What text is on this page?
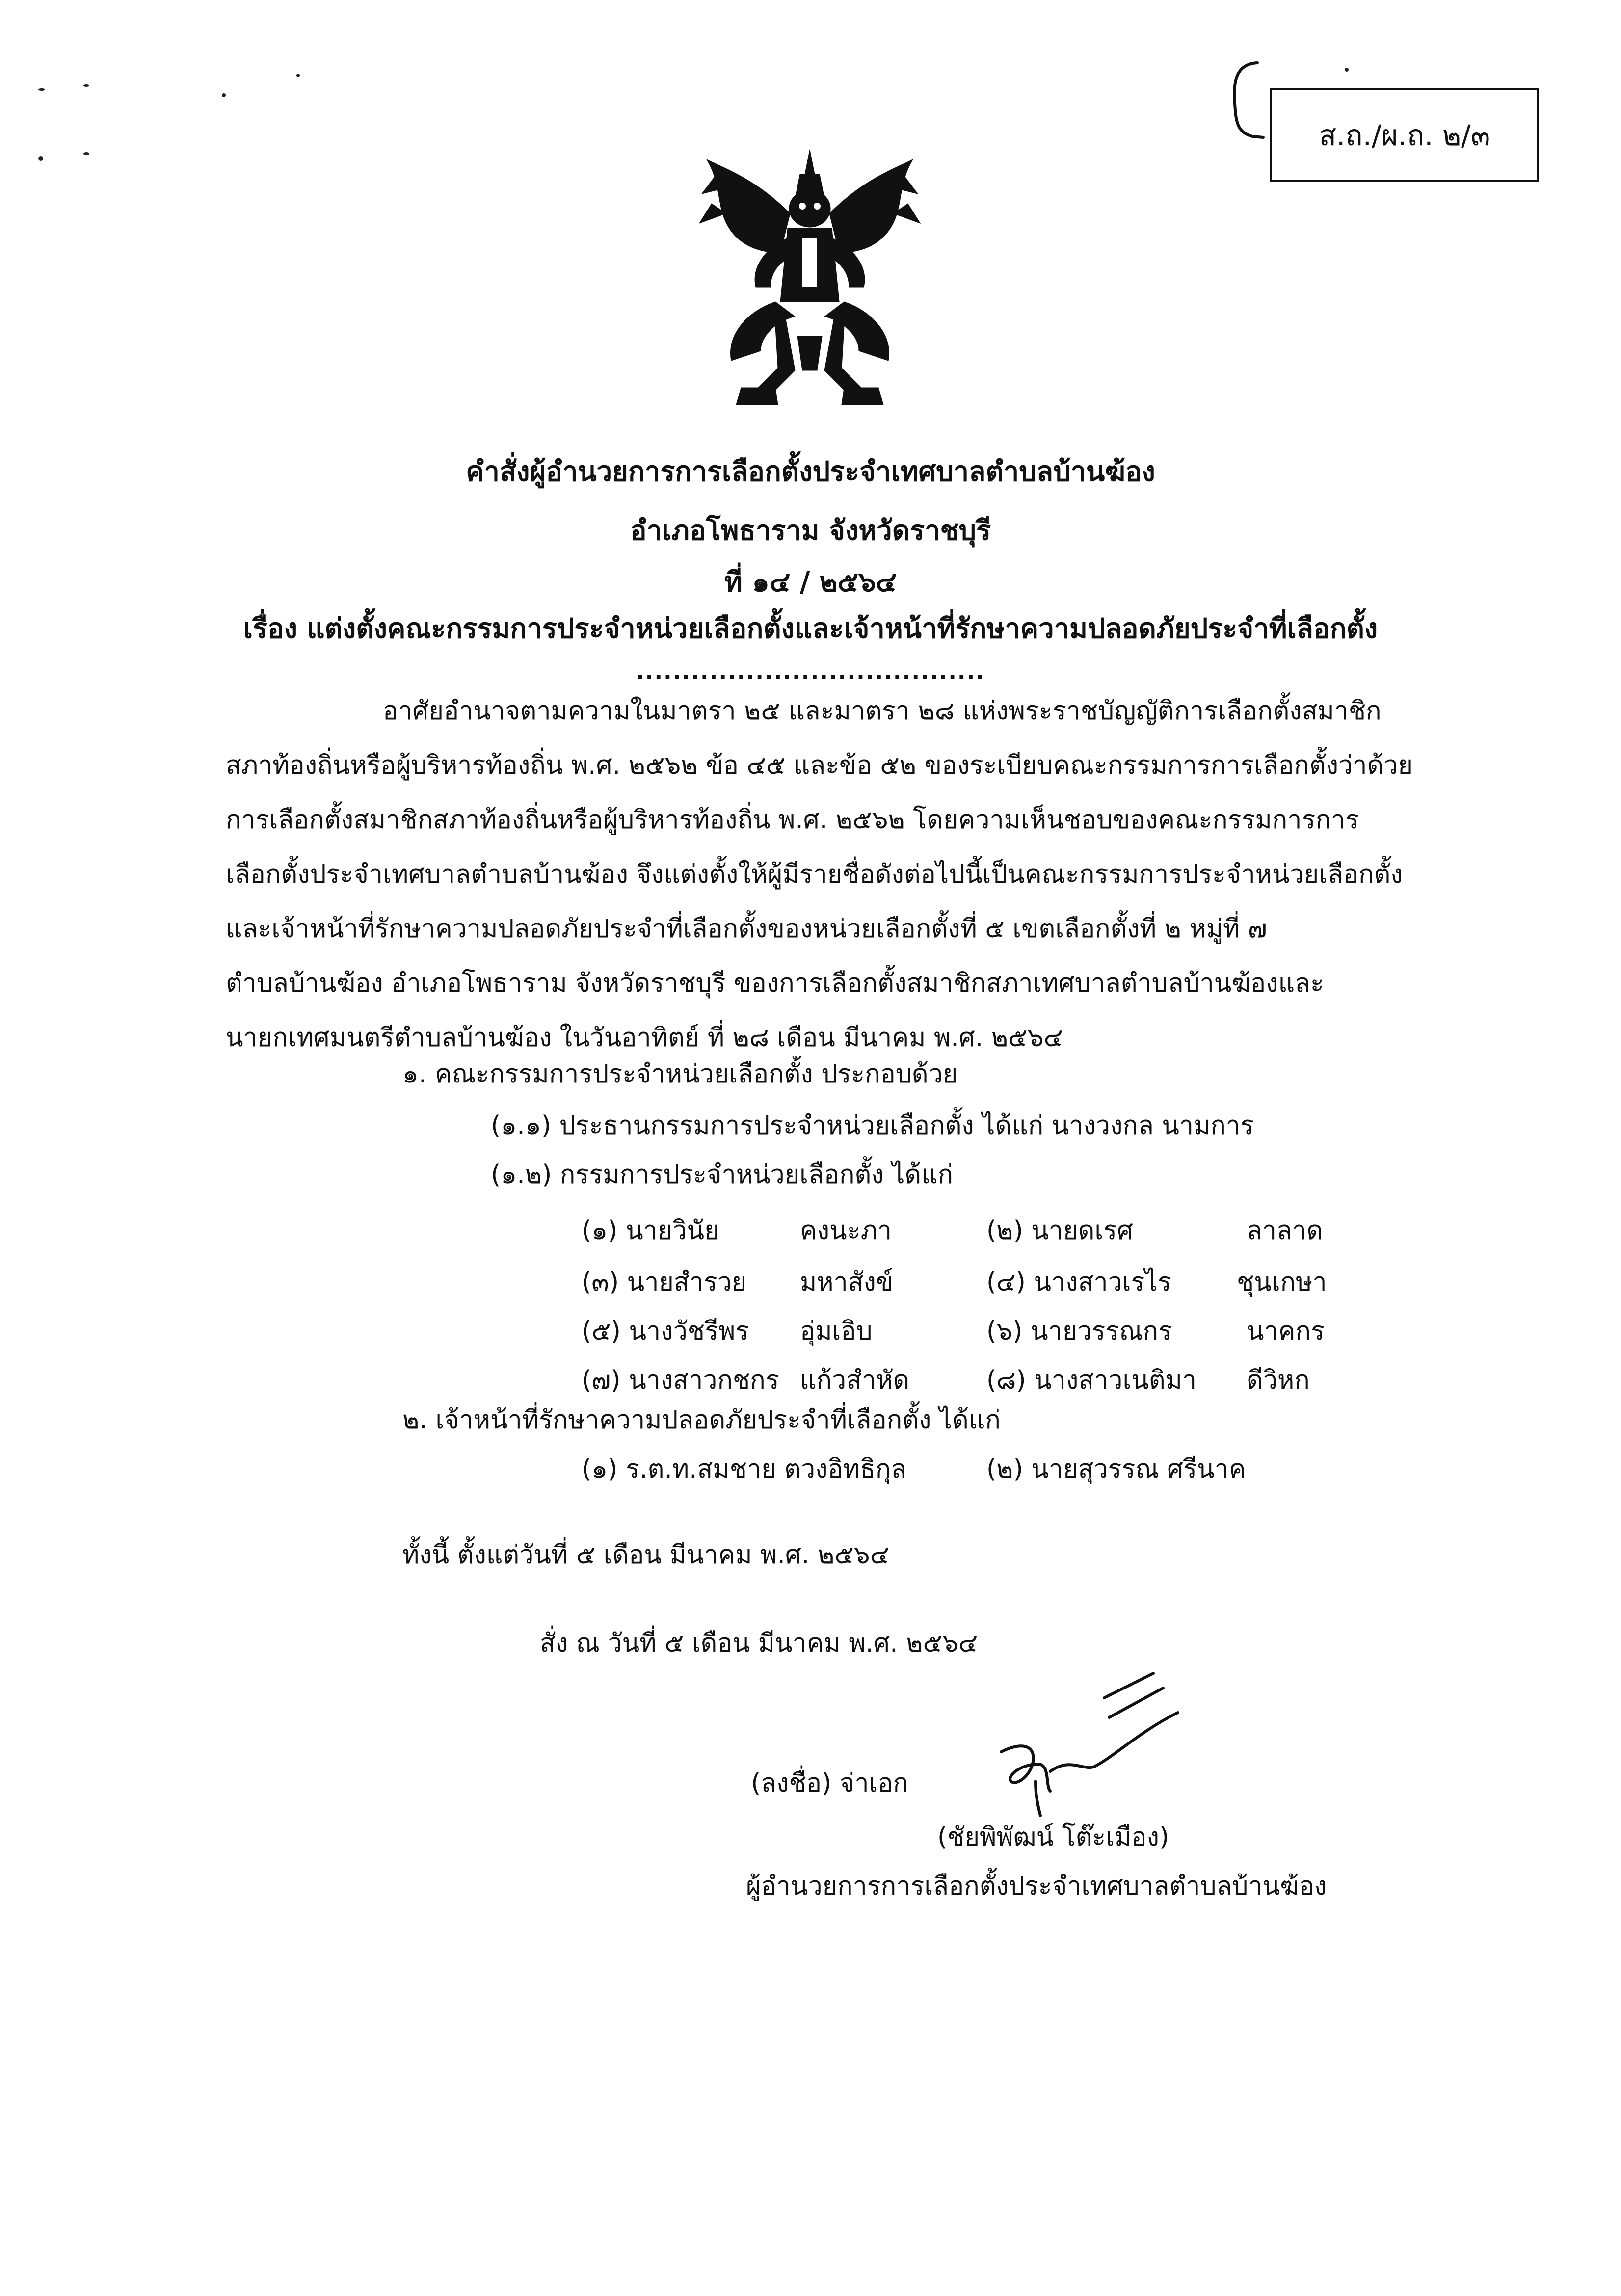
ส.ถ./ผ.ถ. ๒/๓
คำสั่งผู้อำนวยการการเลือกตั้งประจำเทศบาลตำบลบ้านฆ้อง
อำเภอโพธาราม จังหวัดราชบุรี
ที่ ๑๔ / ๒๕๖๔
เรื่อง แต่งตั้งคณะกรรมการประจำหน่วยเลือกตั้งและเจ้าหน้าที่รักษาความปลอดภัยประจำที่เลือกตั้ง
......................................
อาศัยอำนาจตามความในมาตรา ๒๕ และมาตรา ๒๘ แห่งพระราชบัญญัติการเลือกตั้งสมาชิก
สภาท้องถิ่นหรือผู้บริหารท้องถิ่น พ.ศ. ๒๕๖๒ ข้อ ๔๕ และข้อ ๕๒ ของระเบียบคณะกรรมการการเลือกตั้งว่าด้วย
การเลือกตั้งสมาชิกสภาท้องถิ่นหรือผู้บริหารท้องถิ่น พ.ศ. ๒๕๖๒ โดยความเห็นชอบของคณะกรรมการการ
เลือกตั้งประจำเทศบาลตำบลบ้านฆ้อง จึงแต่งตั้งให้ผู้มีรายชื่อดังต่อไปนี้เป็นคณะกรรมการประจำหน่วยเลือกตั้ง
และเจ้าหน้าที่รักษาความปลอดภัยประจำที่เลือกตั้งของหน่วยเลือกตั้งที่ ๕ เขตเลือกตั้งที่ ๒ หมู่ที่ ๗
ตำบลบ้านฆ้อง อำเภอโพธาราม จังหวัดราชบุรี ของการเลือกตั้งสมาชิกสภาเทศบาลตำบลบ้านฆ้องและ
นายกเทศมนตรีตำบลบ้านฆ้อง ในวันอาทิตย์ ที่ ๒๘ เดือน มีนาคม พ.ศ. ๒๕๖๔
๑. คณะกรรมการประจำหน่วยเลือกตั้ง ประกอบด้วย
(๑.๑) ประธานกรรมการประจำหน่วยเลือกตั้ง ได้แก่ นางวงกล นามการ
(๑.๒) กรรมการประจำหน่วยเลือกตั้ง ได้แก่
(๑) นายวินัย	คงนะภา	(๒) นายดเรศ	ลาลาด
(๓) นายสำรวย มหาสังข์	(๔) นางสาวเรไร	ชุนเกษา
(๕) นางวัชรีพร อุ่มเอิบ	(๖) นายวรรณกร	นาคกร
(๗) นางสาวกชกร แก้วสำหัด	(๘) นางสาวเนติมา ดีวิหก
๒. เจ้าหน้าที่รักษาความปลอดภัยประจำที่เลือกตั้ง ได้แก่
(๑) ร.ต.ท.สมชาย ตวงอิทธิกุล	(๒) นายสุวรรณ ศรีนาค
ทั้งนี้ ตั้งแต่วันที่ ๕ เดือน มีนาคม พ.ศ. ๒๕๖๔
สั่ง ณ วันที่ ๕ เดือน มีนาคม พ.ศ. ๒๕๖๔
(ลงชื่อ) จ่าเอก
(ชัยพิพัฒน์ โต๊ะเมือง)
ผู้อำนวยการการเลือกตั้งประจำเทศบาลตำบลบ้านฆ้อง
